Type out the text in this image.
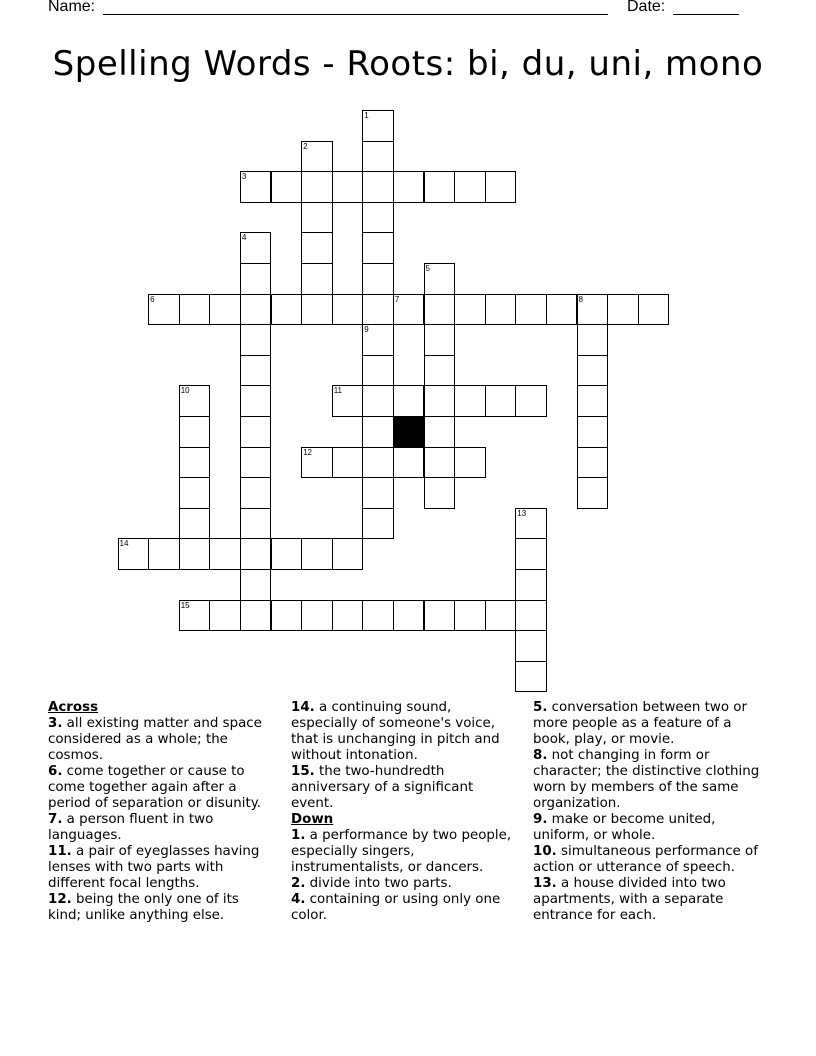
Name:	Date:
Spelling Words - Roots: bi, du, uni, mono
1
2
3
4
5
6	7	8
9
10	11
12
13
14
15

Across

3. all existing matter and space considered as a whole; the cosmos.

6. come together or cause to come together again after a period of separation or disunity.

7. a person fluent in two languages.

11. a pair of eyeglasses having lenses with two parts with different focal lengths.

12. being the only one of its kind; unlike anything else.

14. a continuing sound, especially of someone's voice, that is unchanging in pitch and without intonation.

15. the two-hundredth anniversary of a significant event.

Down

1. a performance by two people, especially singers, instrumentalists, or dancers.

2. divide into two parts.

4. containing or using only one color.

5. conversation between two or more people as a feature of a book, play, or movie.

8. not changing in form or character; the distinctive clothing worn by members of the same organization.

9. make or become united, uniform, or whole.

10. simultaneous performance of action or utterance of speech.

13. a house divided into two apartments, with a separate entrance for each.
